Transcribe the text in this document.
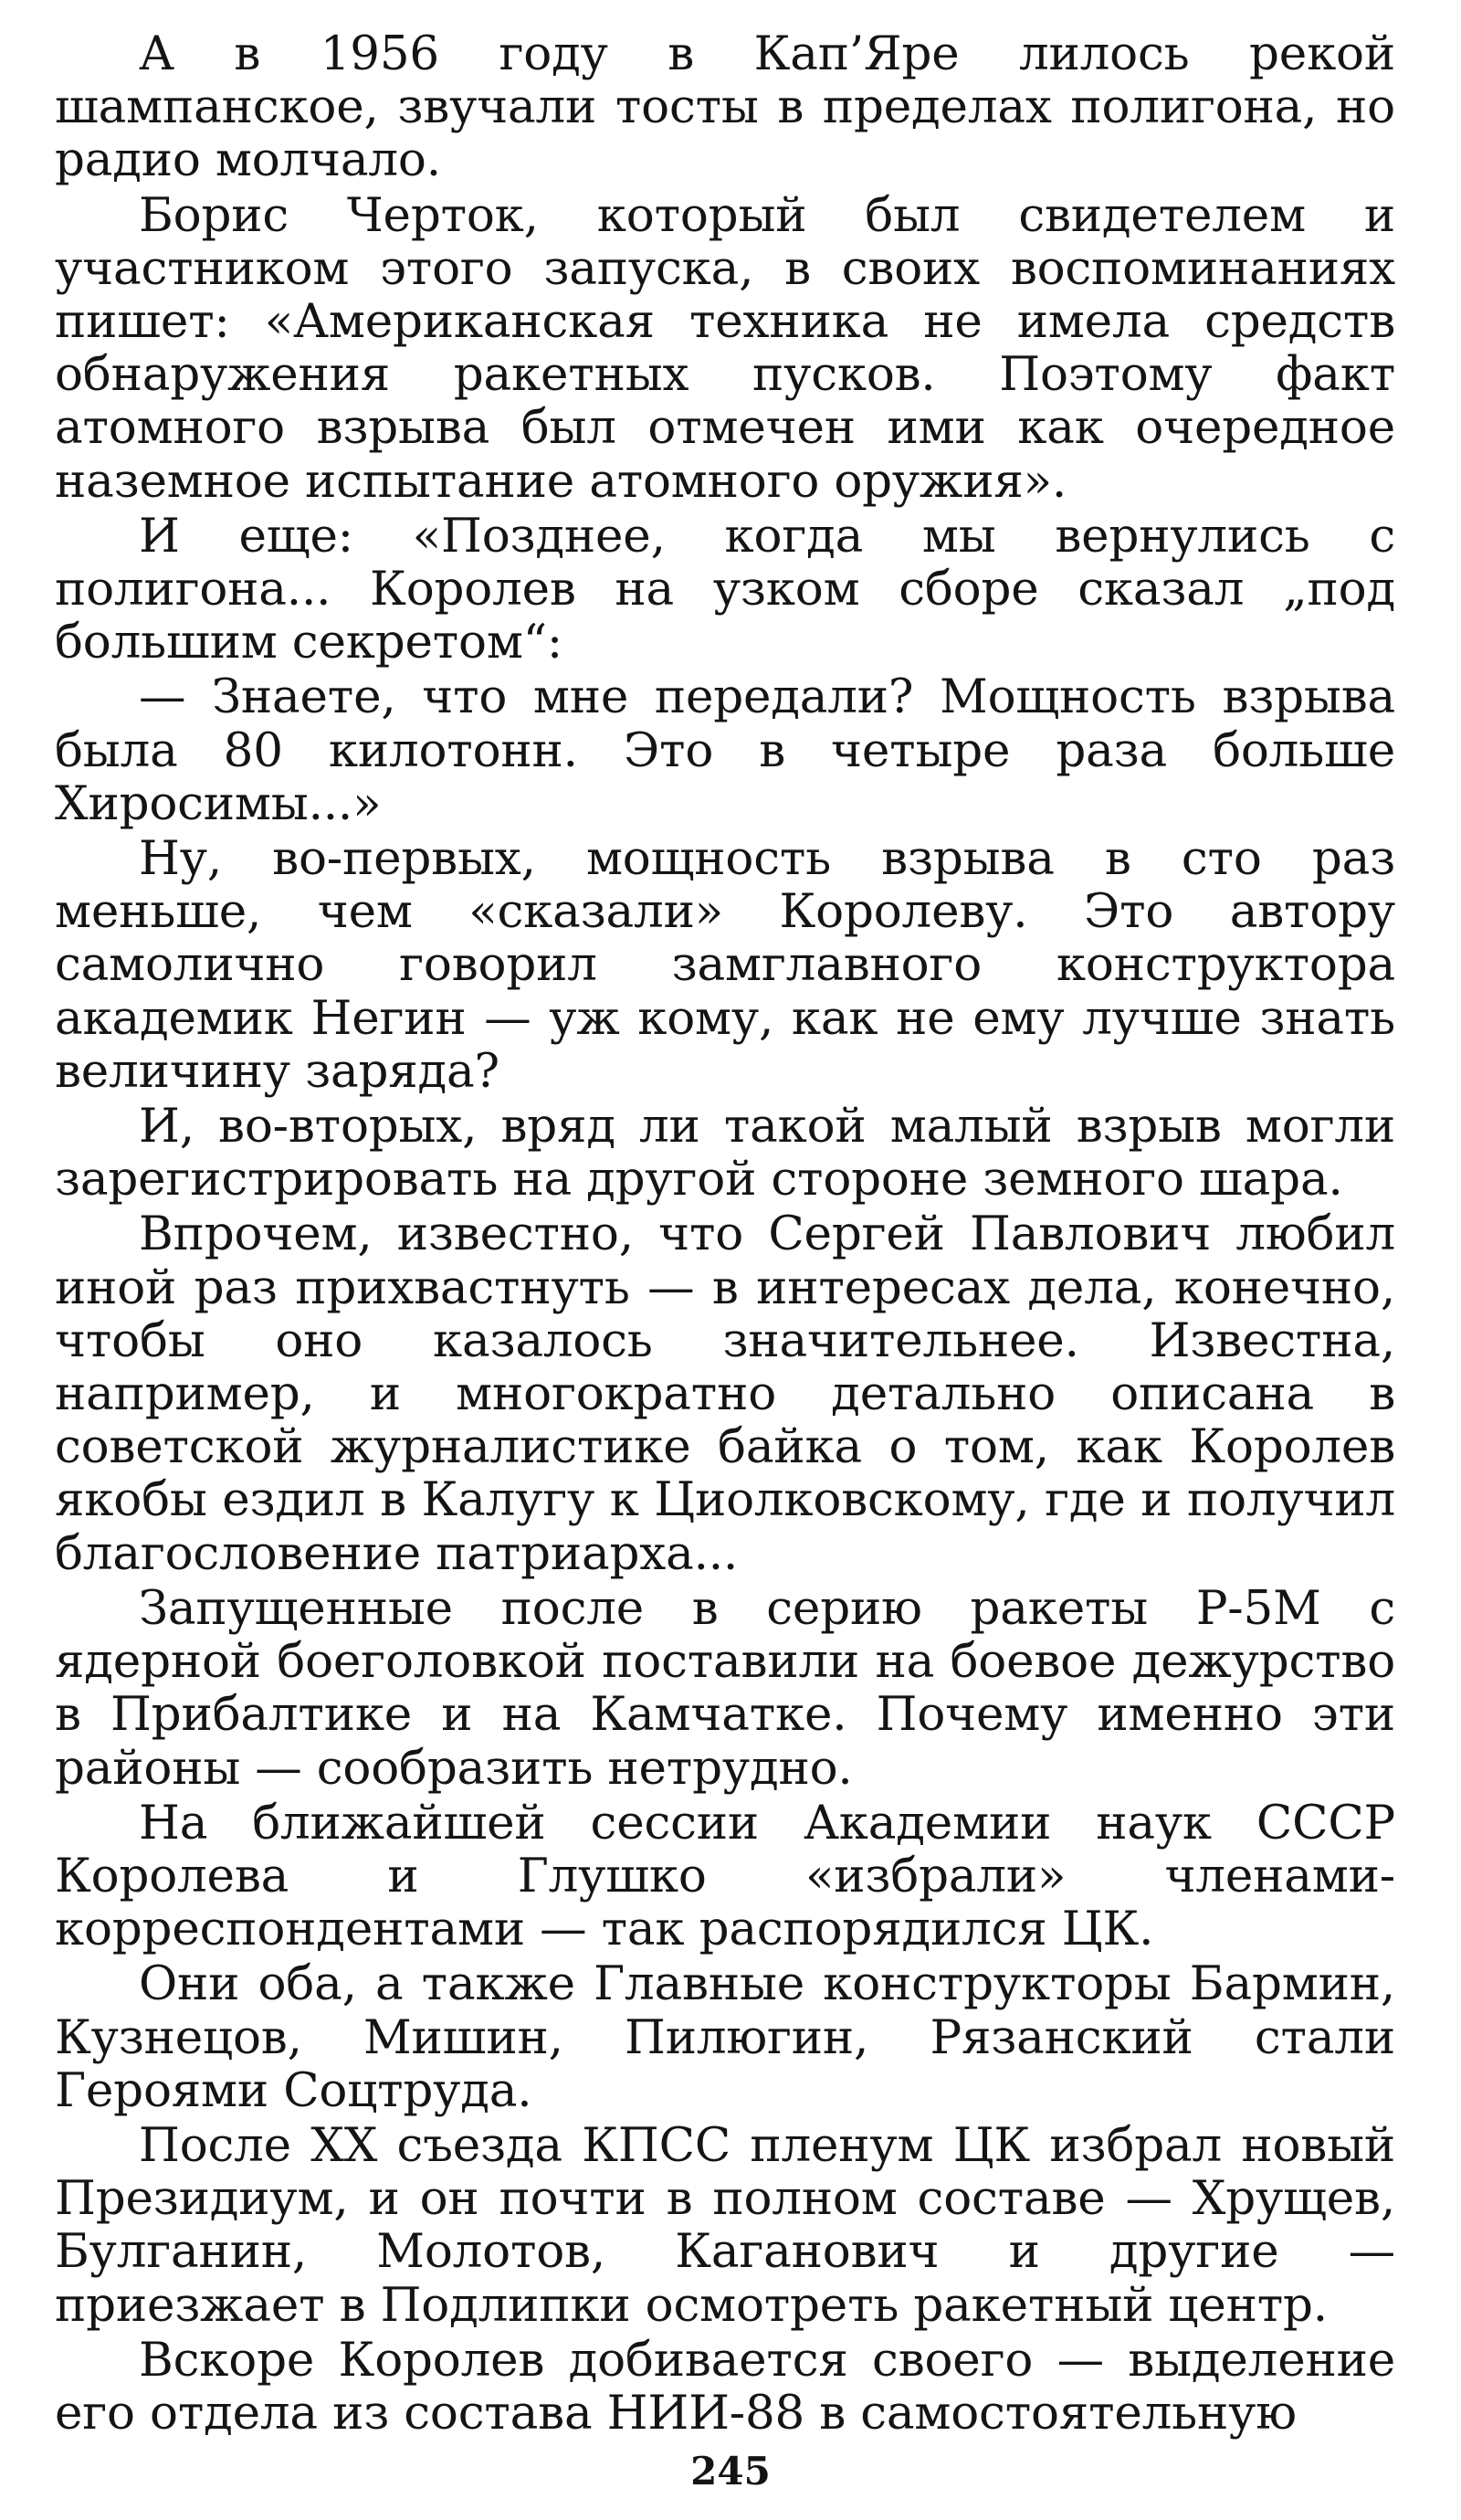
А в 1956 году в Кап’Яре лилось рекой шампанское, звучали тосты в пределах полигона, но радио молчало.

Борис Черток, который был свидетелем и участником этого запуска, в своих воспоминаниях пишет: «Американская техника не имела средств обнаружения ракетных пусков. Поэтому факт атомного взрыва был отмечен ими как очередное наземное испытание атомного оружия».

И еще: «Позднее, когда мы вернулись с полигона... Королев на узком сборе сказал „под большим секретом“:

— Знаете, что мне передали? Мощность взрыва была 80 килотонн. Это в четыре раза больше Хиросимы...»

Ну, во-первых, мощность взрыва в сто раз меньше, чем «сказали» Королеву. Это автору самолично говорил замглавного конструктора академик Негин — уж кому, как не ему лучше знать величину заряда?

И, во-вторых, вряд ли такой малый взрыв могли зарегистрировать на другой стороне земного шара.

Впрочем, известно, что Сергей Павлович любил иной раз прихвастнуть — в интересах дела, конечно, чтобы оно казалось значительнее. Известна, например, и многократно детально описана в советской журналистике байка о том, как Королев якобы ездил в Калугу к Циолковскому, где и получил благословение патриарха...

Запущенные после в серию ракеты Р-5М с ядерной боеголовкой поставили на боевое дежурство в Прибалтике и на Камчатке. Почему именно эти районы — сообразить нетрудно.

На ближайшей сессии Академии наук СССР Королева и Глушко «избрали» членами-корреспондентами — так распорядился ЦК.

Они оба, а также Главные конструкторы Бармин, Кузнецов, Мишин, Пилюгин, Рязанский стали Героями Соцтруда.

После XX съезда КПСС пленум ЦК избрал новый Президиум, и он почти в полном составе — Хрущев, Булганин, Молотов, Каганович и другие — приезжает в Подлипки осмотреть ракетный центр.

Вскоре Королев добивается своего — выделение его отдела из состава НИИ-88 в самостоятельную

245
